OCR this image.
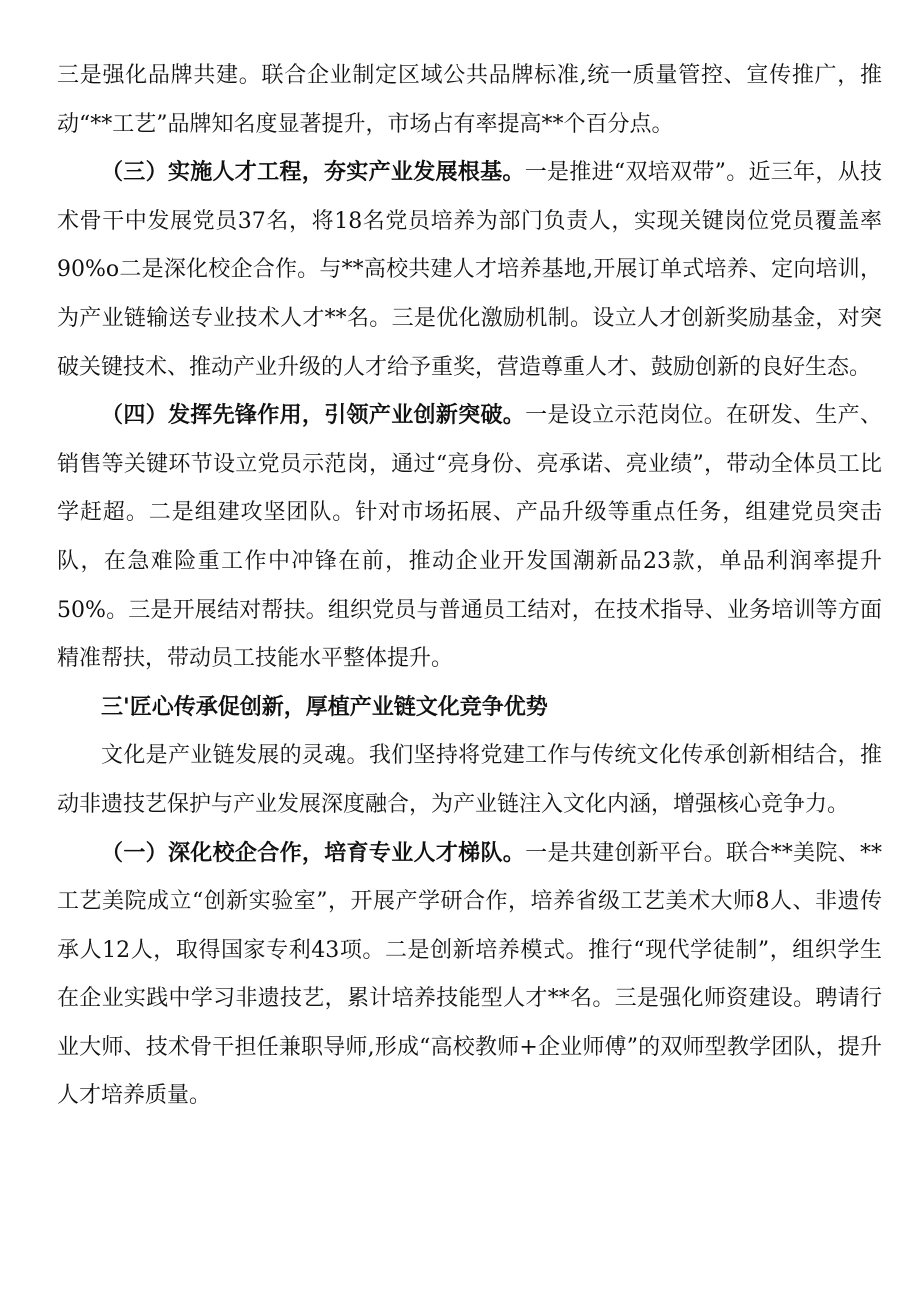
三是强化品牌共建。联合企业制定区域公共品牌标准,统一质量管控、宣传推广，推动“**工艺”品牌知名度显著提升，市场占有率提高**个百分点。

（三）实施人才工程，夯实产业发展根基。一是推进“双培双带”。近三年，从技术骨干中发展党员37名，将18名党员培养为部门负责人，实现关键岗位党员覆盖率90%o二是深化校企合作。与**高校共建人才培养基地,开展订单式培养、定向培训，为产业链输送专业技术人才**名。三是优化激励机制。设立人才创新奖励基金，对突破关键技术、推动产业升级的人才给予重奖，营造尊重人才、鼓励创新的良好生态。

（四）发挥先锋作用，引领产业创新突破。一是设立示范岗位。在研发、生产、销售等关键环节设立党员示范岗，通过“亮身份、亮承诺、亮业绩”，带动全体员工比学赶超。二是组建攻坚团队。针对市场拓展、产品升级等重点任务，组建党员突击队，在急难险重工作中冲锋在前，推动企业开发国潮新品23款，单品利润率提升50%。三是开展结对帮扶。组织党员与普通员工结对，在技术指导、业务培训等方面精准帮扶，带动员工技能水平整体提升。

三'匠心传承促创新，厚植产业链文化竞争优势

文化是产业链发展的灵魂。我们坚持将党建工作与传统文化传承创新相结合，推动非遗技艺保护与产业发展深度融合，为产业链注入文化内涵，增强核心竞争力。

（一）深化校企合作，培育专业人才梯队。一是共建创新平台。联合**美院、**工艺美院成立“创新实验室”，开展产学研合作，培养省级工艺美术大师8人、非遗传承人12人，取得国家专利43项。二是创新培养模式。推行“现代学徒制”，组织学生在企业实践中学习非遗技艺，累计培养技能型人才**名。三是强化师资建设。聘请行业大师、技术骨干担任兼职导师,形成“高校教师+企业师傅”的双师型教学团队，提升人才培养质量。
